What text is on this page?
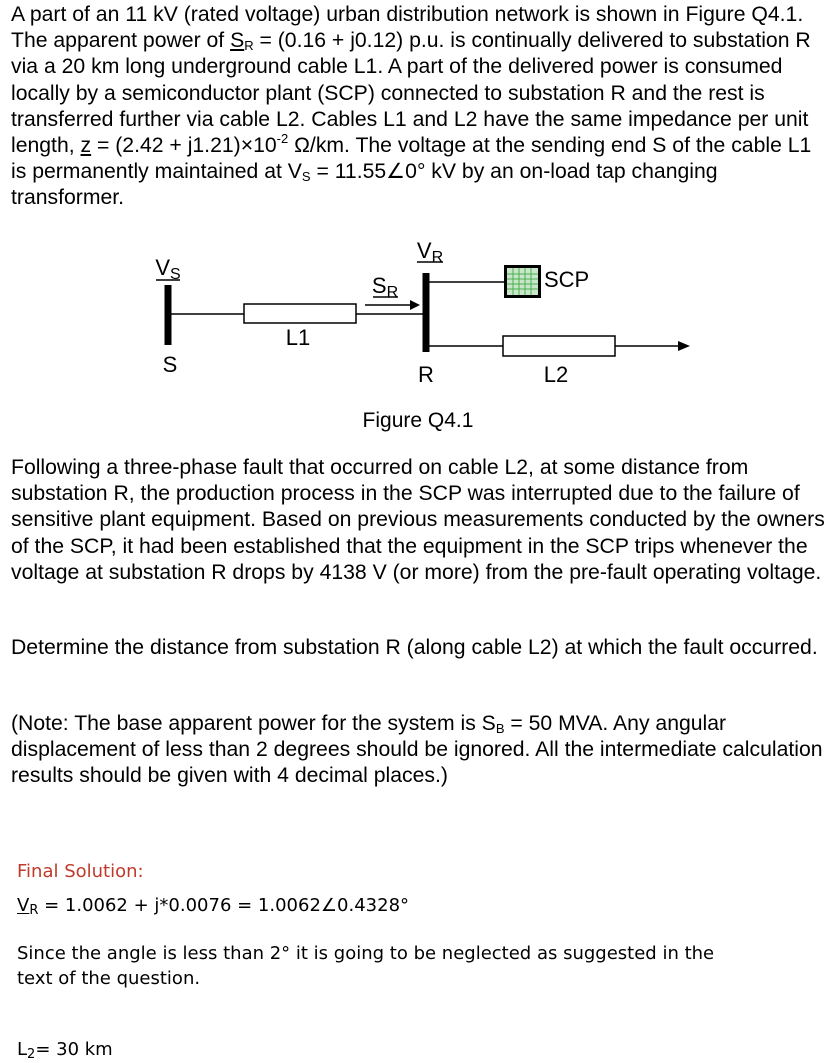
A part of an 11 kV (rated voltage) urban distribution network is shown in Figure Q4.1. The apparent power of $S_R = (0.16 + j0.12)$ p.u. is continually delivered to substation R via a 20 km long underground cable L1. A part of the delivered power is consumed locally by a semiconductor plant (SCP) connected to substation R and the rest is transferred further via cable L2. Cables L1 and L2 have the same impedance per unit length, $z = (2.42 + j1.21)\times 10^{-2}$ Ω/km. The voltage at the sending end S of the cable L1 is permanently maintained at $V_S$ = 11.55∠0° kV by an on-load tap changing transformer.

VS
S
L1
SR
VR
R
SCP
L2
Figure Q4.1

Following a three-phase fault that occurred on cable L2, at some distance from substation R, the production process in the SCP was interrupted due to the failure of sensitive plant equipment. Based on previous measurements conducted by the owners of the SCP, it had been established that the equipment in the SCP trips whenever the voltage at substation R drops by 4138 V (or more) from the pre-fault operating voltage.

Determine the distance from substation R (along cable L2) at which the fault occurred.

(Note: The base apparent power for the system is $S_B = 50$ MVA. Any angular displacement of less than 2 degrees should be ignored. All the intermediate calculation results should be given with 4 decimal places.)

Final Solution:
$V_R = 1.0062 + j*0.0076$ = 1.0062∠0.4328°
Since the angle is less than 2° it is going to be neglected as suggested in the text of the question.
$L_2= 30$ km
